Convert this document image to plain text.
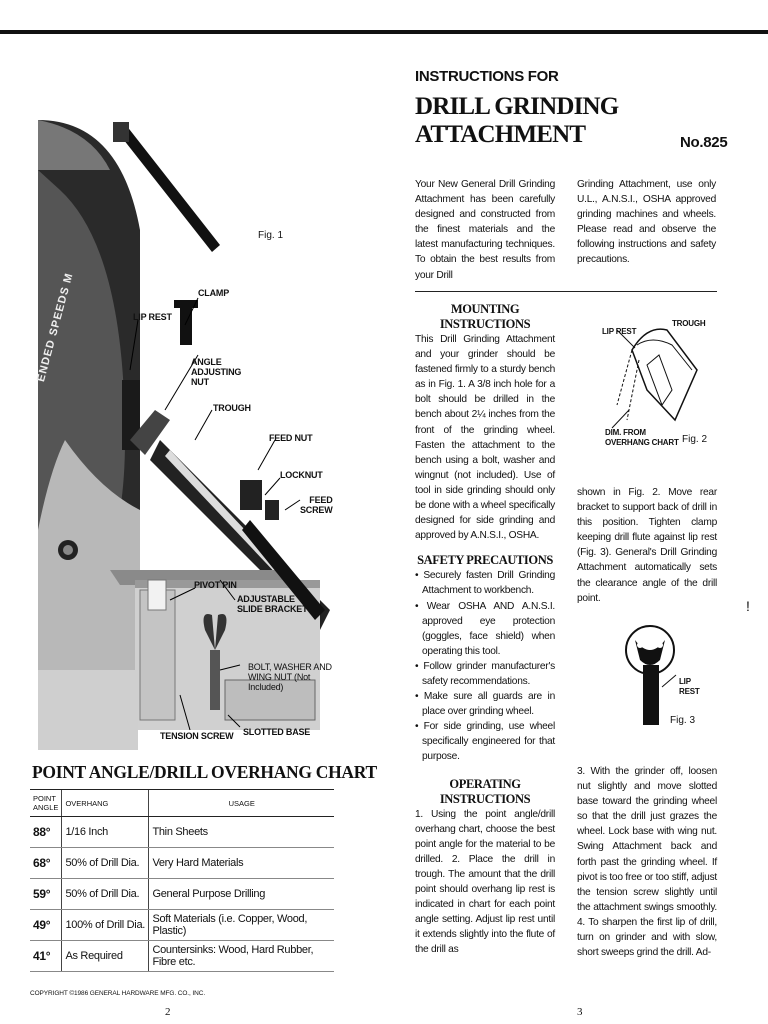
ENDED SPEEDS M
Fig. 1
CLAMP
LIP REST
ANGLE
ADJUSTING
NUT
TROUGH
FEED NUT
LOCKNUT
FEED
SCREW
PIVOT PIN
ADJUSTABLE
SLIDE BRACKET
BOLT, WASHER AND
WING NUT (Not
Included)
TENSION SCREW SLOTTED BASE
POINT ANGLE/DRILL OVERHANG CHART
POINT ANGLE	OVERHANG	USAGE
88°	1/16 Inch	Thin Sheets
68°	50% of Drill Dia.	Very Hard Materials
59°	50% of Drill Dia.	General Purpose Drilling
49°	100% of Drill Dia.	Soft Materials (i.e. Copper, Wood, Plastic)
41°	As Required	Countersinks: Wood, Hard Rubber, Fibre etc.
COPYRIGHT ©1986 GENERAL HARDWARE MFG. CO., INC.
2
INSTRUCTIONS FOR
DRILL GRINDING ATTACHMENT	No.825

Your New General Drill Grinding Attachment has been carefully designed and constructed from the finest materials and the latest manufacturing techniques. To obtain the best results from your Drill

Grinding Attachment, use only U.L., A.N.S.I., OSHA approved grinding machines and wheels. Please read and observe the following instructions and safety precautions.

MOUNTING INSTRUCTIONS

This Drill Grinding Attachment and your grinder should be fastened firmly to a sturdy bench as in Fig. 1. A 3/8 inch hole for a bolt should be drilled in the bench about 2¼ inches from the front of the grinding wheel. Fasten the attachment to the bench using a bolt, washer and wingnut (not included). Use of tool in side grinding should only be done with a wheel specifically designed for side grinding and approved by A.N.S.I., OSHA.

SAFETY PRECAUTIONS

• Securely fasten Drill Grinding Attachment to workbench.

• Wear OSHA AND A.N.S.I. approved eye protection (goggles, face shield) when operating this tool.

• Follow grinder manufacturer's safety recommendations.

• Make sure all guards are in place over grinding wheel.

• For side grinding, use wheel specifically engineered for that purpose.

OPERATING INSTRUCTIONS

1. Using the point angle/drill overhang chart, choose the best point angle for the material to be drilled. 2. Place the drill in trough. The amount that the drill point should overhang lip rest is indicated in chart for each point angle setting. Adjust lip rest until it extends slightly into the flute of the drill as

LIP REST
TROUGH
DIM. FROM
OVERHANG CHART Fig. 2

shown in Fig. 2. Move rear bracket to support back of drill in this position. Tighten clamp keeping drill flute against lip rest (Fig. 3). General's Drill Grinding Attachment automatically sets the clearance angle of the drill point.

LIP
REST
Fig. 3

3. With the grinder off, loosen nut slightly and move slotted base toward the grinding wheel so that the drill just grazes the wheel. Lock base with wing nut. Swing Attachment back and forth past the grinding wheel. If pivot is too free or too stiff, adjust the tension screw slightly until the attachment swings smoothly. 4. To sharpen the first lip of drill, turn on grinder and with slow, short sweeps grind the drill. Ad-

3
!
